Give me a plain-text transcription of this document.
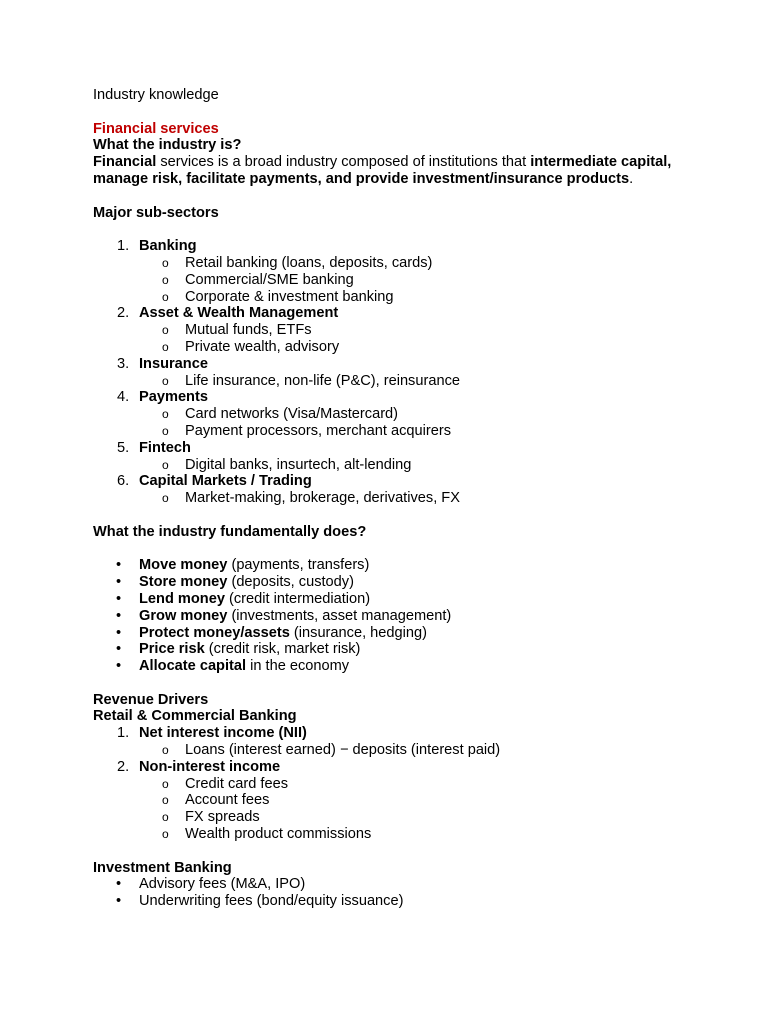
Industry knowledge

Financial services

What the industry is?

Financial services is a broad industry composed of institutions that intermediate capital, manage risk, facilitate payments, and provide investment/insurance products.

Major sub-sectors

1. Banking

o Retail banking (loans, deposits, cards)

o Commercial/SME banking

o Corporate & investment banking

2. Asset & Wealth Management

o Mutual funds, ETFs

o Private wealth, advisory

3. Insurance

o Life insurance, non-life (P&C), reinsurance

4. Payments

o Card networks (Visa/Mastercard)

o Payment processors, merchant acquirers

5. Fintech

o Digital banks, insurtech, alt-lending

6. Capital Markets / Trading

o Market-making, brokerage, derivatives, FX

What the industry fundamentally does?

• Move money (payments, transfers)

• Store money (deposits, custody)

• Lend money (credit intermediation)

• Grow money (investments, asset management)

• Protect money/assets (insurance, hedging)

• Price risk (credit risk, market risk)

• Allocate capital in the economy

Revenue Drivers

Retail & Commercial Banking

1. Net interest income (NII)

o Loans (interest earned) − deposits (interest paid)

2. Non-interest income

o Credit card fees

o Account fees

o FX spreads

o Wealth product commissions

Investment Banking

• Advisory fees (M&A, IPO)

• Underwriting fees (bond/equity issuance)
